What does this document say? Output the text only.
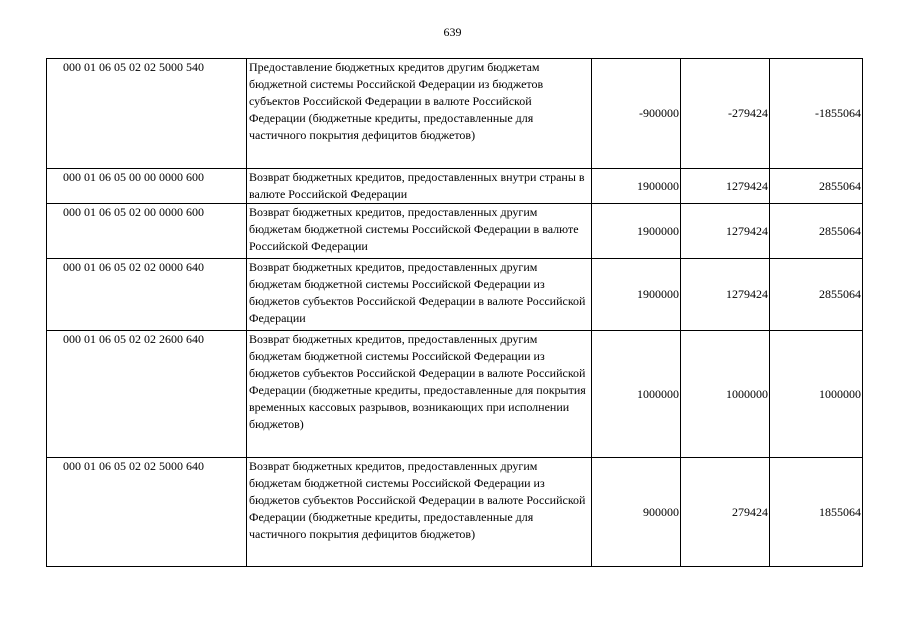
639
000 01 06 05 02 02 5000 540	Предоставление бюджетных кредитов другим бюджетам бюджетной системы Российской Федерации из бюджетов субъектов Российской Федерации в валюте Российской Федерации (бюджетные кредиты, предоставленные для частичного покрытия дефицитов бюджетов)	-900000	-279424	-1855064
000 01 06 05 00 00 0000 600	Возврат бюджетных кредитов, предоставленных внутри страны в валюте Российской Федерации	1900000	1279424	2855064
000 01 06 05 02 00 0000 600	Возврат бюджетных кредитов, предоставленных другим бюджетам бюджетной системы Российской Федерации в валюте Российской Федерации	1900000	1279424	2855064
000 01 06 05 02 02 0000 640	Возврат бюджетных кредитов, предоставленных другим бюджетам бюджетной системы Российской Федерации из бюджетов субъектов Российской Федерации в валюте Российской Федерации	1900000	1279424	2855064
000 01 06 05 02 02 2600 640	Возврат бюджетных кредитов, предоставленных другим бюджетам бюджетной системы Российской Федерации из бюджетов субъектов Российской Федерации в валюте Российской Федерации (бюджетные кредиты, предоставленные для покрытия временных кассовых разрывов, возникающих при исполнении бюджетов)	1000000	1000000	1000000
000 01 06 05 02 02 5000 640	Возврат бюджетных кредитов, предоставленных другим бюджетам бюджетной системы Российской Федерации из бюджетов субъектов Российской Федерации в валюте Российской Федерации (бюджетные кредиты, предоставленные для частичного покрытия дефицитов бюджетов)	900000	279424	1855064
